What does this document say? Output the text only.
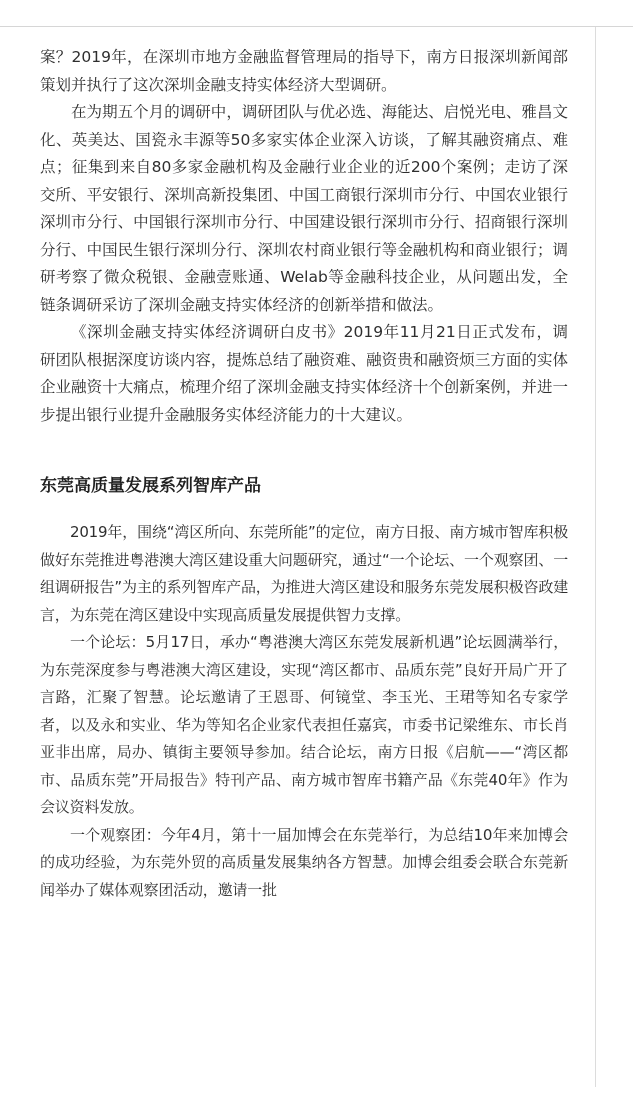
案？2019年，在深圳市地方金融监督管理局的指导下，南方日报深圳新闻部策划并执行了这次深圳金融支持实体经济大型调研。

在为期五个月的调研中，调研团队与优必选、海能达、启悦光电、雅昌文化、英美达、国瓷永丰源等50多家实体企业深入访谈，了解其融资痛点、难点；征集到来自80多家金融机构及金融行业企业的近200个案例；走访了深交所、平安银行、深圳高新投集团、中国工商银行深圳市分行、中国农业银行深圳市分行、中国银行深圳市分行、中国建设银行深圳市分行、招商银行深圳分行、中国民生银行深圳分行、深圳农村商业银行等金融机构和商业银行；调研考察了微众税银、金融壹账通、Welab等金融科技企业，从问题出发，全链条调研采访了深圳金融支持实体经济的创新举措和做法。

《深圳金融支持实体经济调研白皮书》2019年11月21日正式发布，调研团队根据深度访谈内容，提炼总结了融资难、融资贵和融资烦三方面的实体企业融资十大痛点，梳理介绍了深圳金融支持实体经济十个创新案例，并进一步提出银行业提升金融服务实体经济能力的十大建议。

东莞高质量发展系列智库产品

2019年，围绕“湾区所向、东莞所能”的定位，南方日报、南方城市智库积极做好东莞推进粤港澳大湾区建设重大问题研究，通过“一个论坛、一个观察团、一组调研报告”为主的系列智库产品，为推进大湾区建设和服务东莞发展积极咨政建言，为东莞在湾区建设中实现高质量发展提供智力支撑。

一个论坛：5月17日，承办“粤港澳大湾区东莞发展新机遇”论坛圆满举行，为东莞深度参与粤港澳大湾区建设，实现“湾区都市、品质东莞”良好开局广开了言路，汇聚了智慧。论坛邀请了王恩哥、何镜堂、李玉光、王珺等知名专家学者，以及永和实业、华为等知名企业家代表担任嘉宾，市委书记梁维东、市长肖亚非出席，局办、镇街主要领导参加。结合论坛，南方日报《启航——“湾区都市、品质东莞”开局报告》特刊产品、南方城市智库书籍产品《东莞40年》作为会议资料发放。

一个观察团：今年4月，第十一届加博会在东莞举行，为总结10年来加博会的成功经验，为东莞外贸的高质量发展集纳各方智慧。加博会组委会联合东莞新闻举办了媒体观察团活动，邀请一批
